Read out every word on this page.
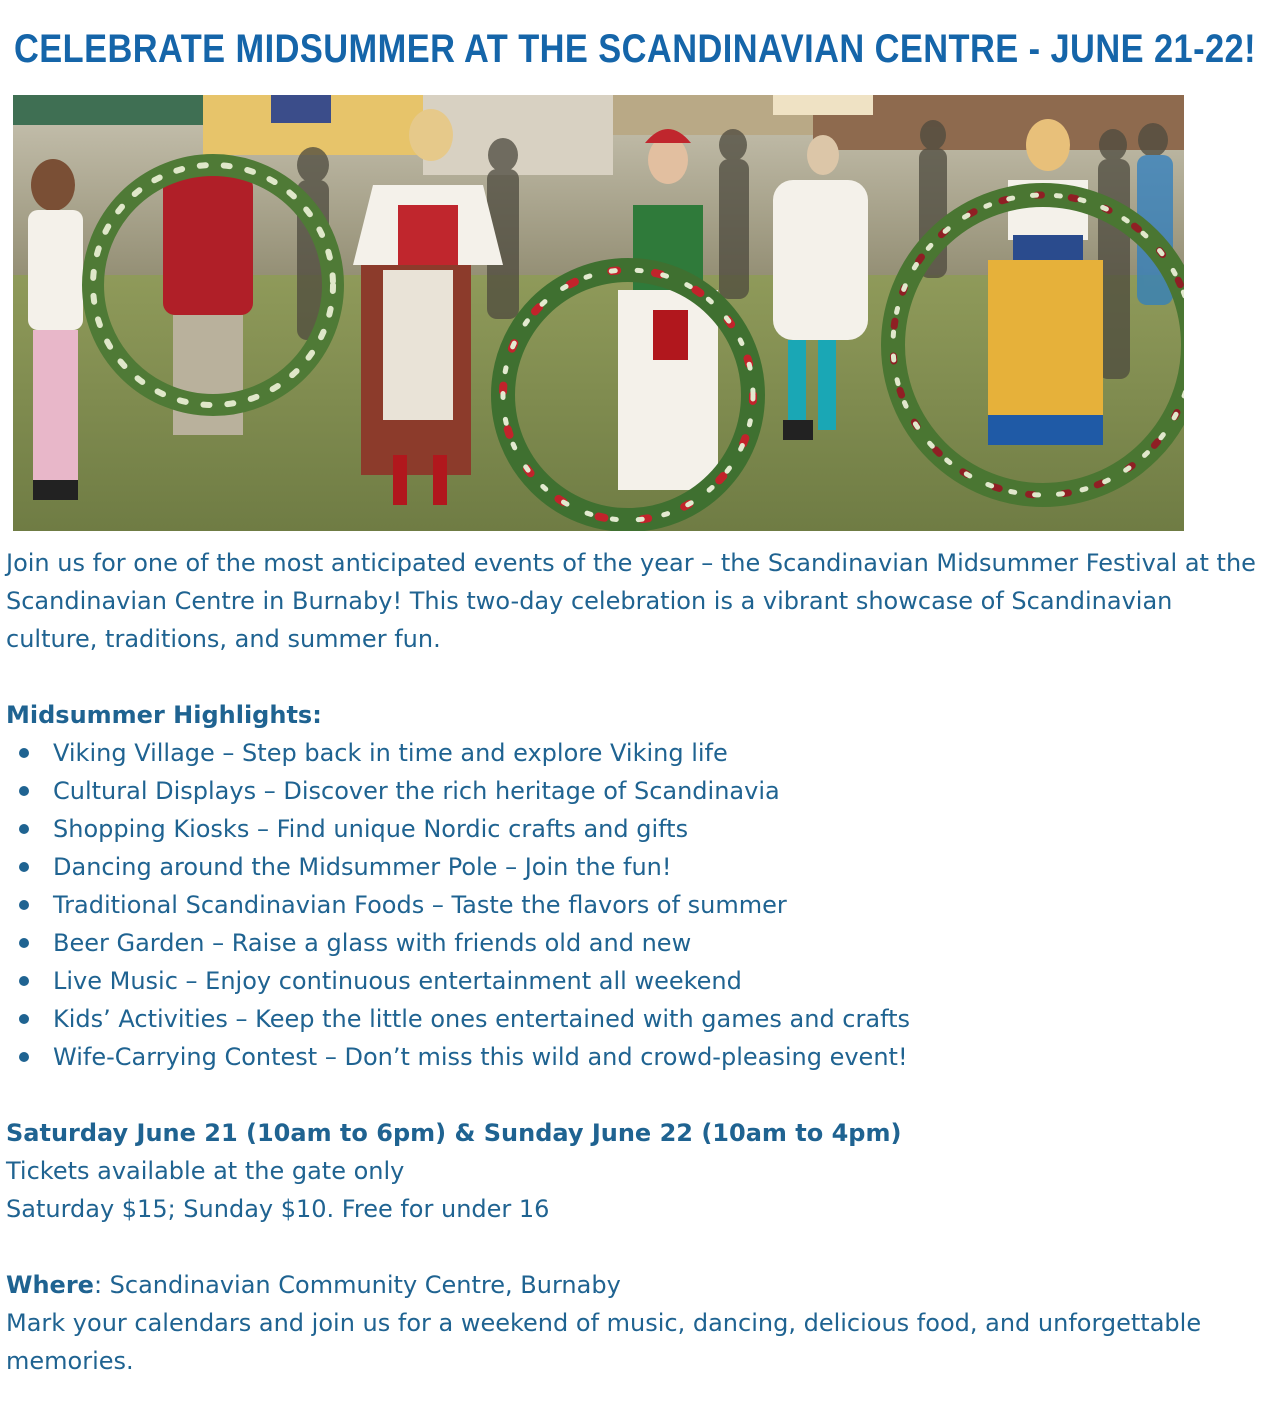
CELEBRATE MIDSUMMER AT THE SCANDINAVIAN CENTRE - JUNE 21-22!

Join us for one of the most anticipated events of the year – the Scandinavian Midsummer Festival at the Scandinavian Centre in Burnaby! This two-day celebration is a vibrant showcase of Scandinavian culture, traditions, and summer fun.

Midsummer Highlights:

Viking Village – Step back in time and explore Viking life
Cultural Displays – Discover the rich heritage of Scandinavia
Shopping Kiosks – Find unique Nordic crafts and gifts
Dancing around the Midsummer Pole – Join the fun!
Traditional Scandinavian Foods – Taste the flavors of summer
Beer Garden – Raise a glass with friends old and new
Live Music – Enjoy continuous entertainment all weekend
Kids’ Activities – Keep the little ones entertained with games and crafts
Wife-Carrying Contest – Don’t miss this wild and crowd-pleasing event!

Saturday June 21 (10am to 6pm) & Sunday June 22 (10am to 4pm)

Tickets available at the gate only

Saturday $15; Sunday $10. Free for under 16

Where: Scandinavian Community Centre, Burnaby

Mark your calendars and join us for a weekend of music, dancing, delicious food, and unforgettable memories.
